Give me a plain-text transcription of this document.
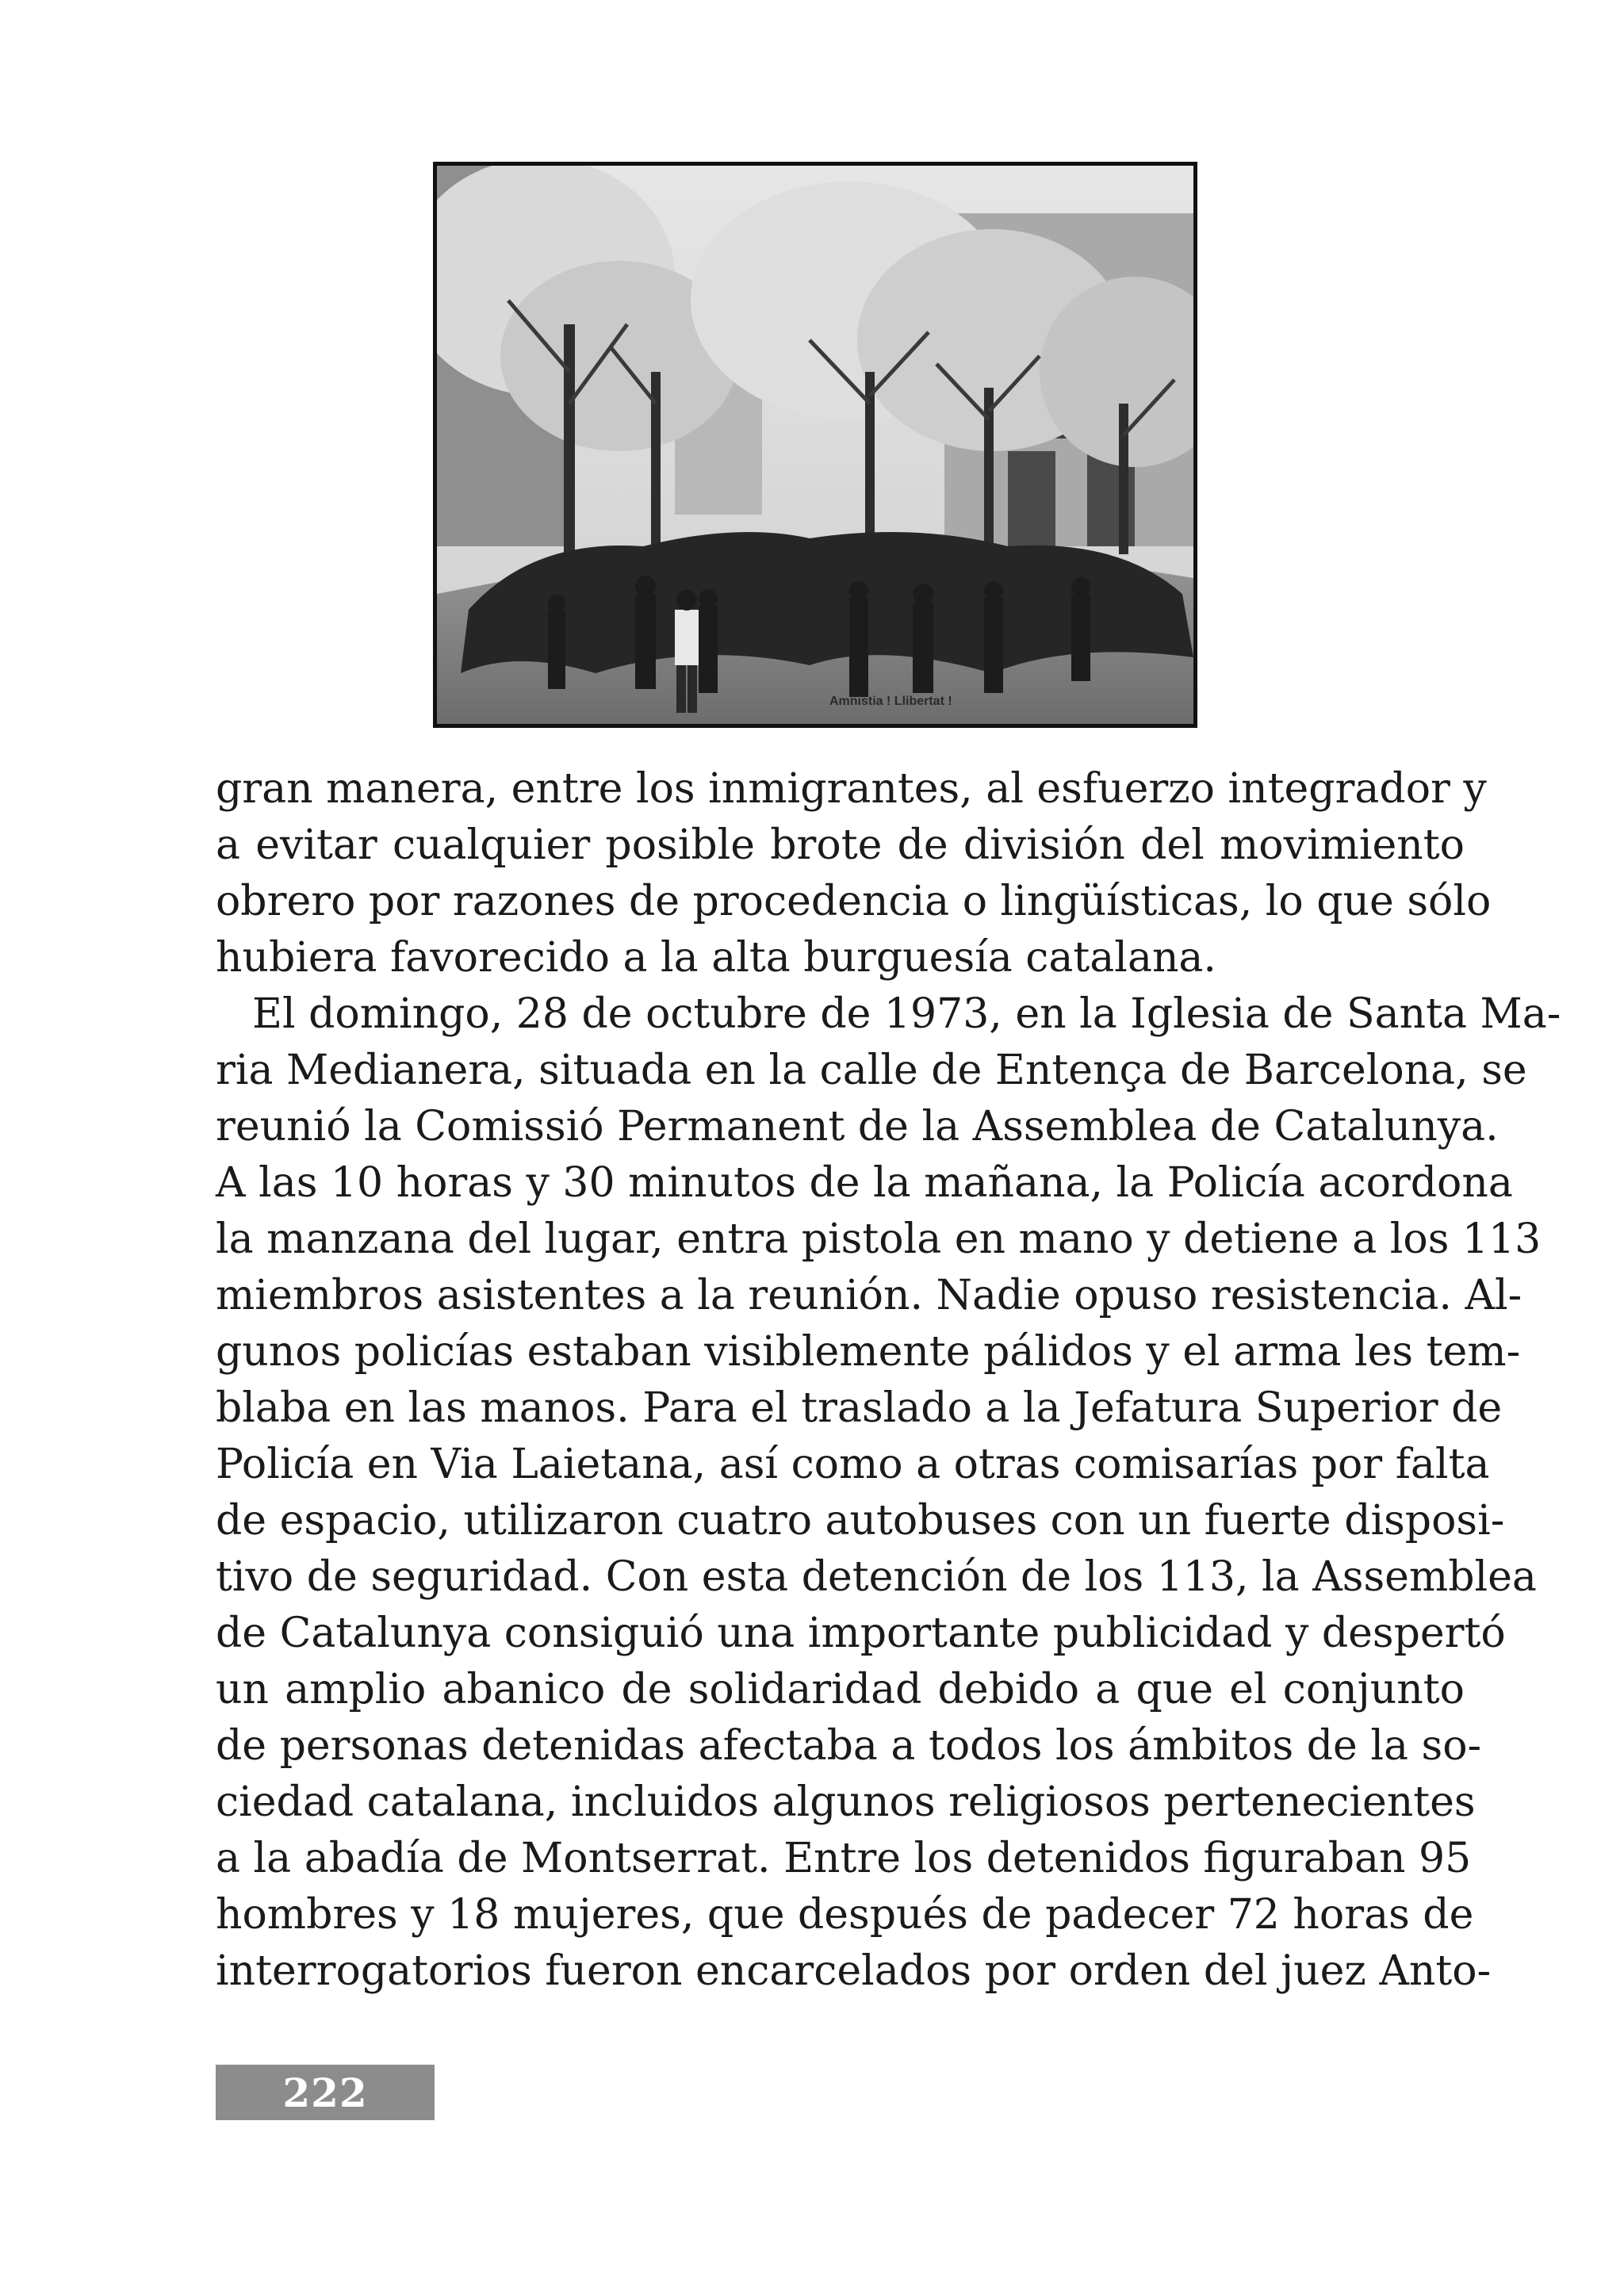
Amnistia ! Llibertat !
gran manera, entre los inmigrantes, al esfuerzo integrador y
a evitar cualquier posible brote de división del movimiento
obrero por razones de procedencia o lingüísticas, lo que sólo
hubiera favorecido a la alta burguesía catalana.
El domingo, 28 de octubre de 1973, en la Iglesia de Santa Ma-
ria Medianera, situada en la calle de Entença de Barcelona, se
reunió la Comissió Permanent de la Assemblea de Catalunya.
A las 10 horas y 30 minutos de la mañana, la Policía acordona
la manzana del lugar, entra pistola en mano y detiene a los 113
miembros asistentes a la reunión. Nadie opuso resistencia. Al-
gunos policías estaban visiblemente pálidos y el arma les tem-
blaba en las manos. Para el traslado a la Jefatura Superior de
Policía en Via Laietana, así como a otras comisarías por falta
de espacio, utilizaron cuatro autobuses con un fuerte disposi-
tivo de seguridad. Con esta detención de los 113, la Assemblea
de Catalunya consiguió una importante publicidad y despertó
un amplio abanico de solidaridad debido a que el conjunto
de personas detenidas afectaba a todos los ámbitos de la so-
ciedad catalana, incluidos algunos religiosos pertenecientes
a la abadía de Montserrat. Entre los detenidos figuraban 95
hombres y 18 mujeres, que después de padecer 72 horas de
interrogatorios fueron encarcelados por orden del juez Anto-
222
